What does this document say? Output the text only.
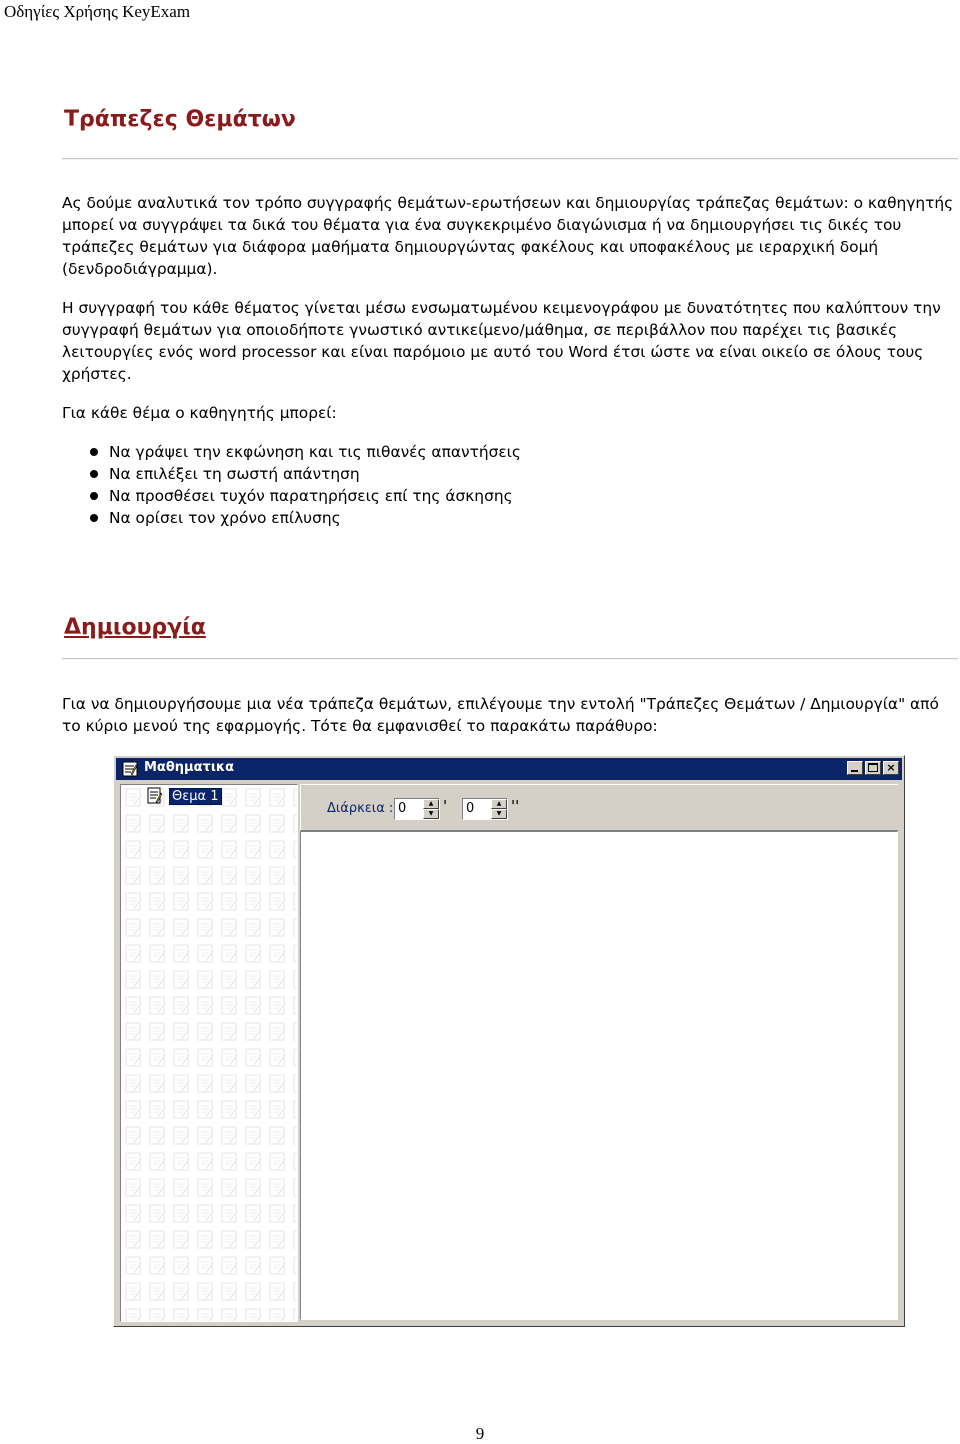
Οδηγίες Χρήσης KeyExam
Τράπεζες Θεμάτων

Ας δούμε αναλυτικά τον τρόπο συγγραφής θεμάτων-ερωτήσεων και δημιουργίας τράπεζας θεμάτων: ο καθηγητής μπορεί να συγγράψει τα δικά του θέματα για ένα συγκεκριμένο διαγώνισμα ή να δημιουργήσει τις δικές του τράπεζες θεμάτων για διάφορα μαθήματα δημιουργώντας φακέλους και υποφακέλους με ιεραρχική δομή (δενδροδιάγραμμα).

Η συγγραφή του κάθε θέματος γίνεται μέσω ενσωματωμένου κειμενογράφου με δυνατότητες που καλύπτουν την συγγραφή θεμάτων για οποιοδήποτε γνωστικό αντικείμενο/μάθημα, σε περιβάλλον που παρέχει τις βασικές λειτουργίες ενός word processor και είναι παρόμοιο με αυτό του Word έτσι ώστε να είναι οικείο σε όλους τους χρήστες.

Για κάθε θέμα ο καθηγητής μπορεί:

Να γράψει την εκφώνηση και τις πιθανές απαντήσεις
Να επιλέξει τη σωστή απάντηση
Να προσθέσει τυχόν παρατηρήσεις επί της άσκησης
Να ορίσει τον χρόνο επίλυσης
Δημιουργία

Για να δημιουργήσουμε μια νέα τράπεζα θεμάτων, επιλέγουμε την εντολή "Τράπεζες Θεμάτων / Δημιουργία" από το κύριο μενού της εφαρμογής. Τότε θα εμφανισθεί το παρακάτω παράθυρο:

Μαθηματικα	×
Θεμα 1
Διάρκεια : 0	▲
▼ ' 0	▲
▼ ''
9
